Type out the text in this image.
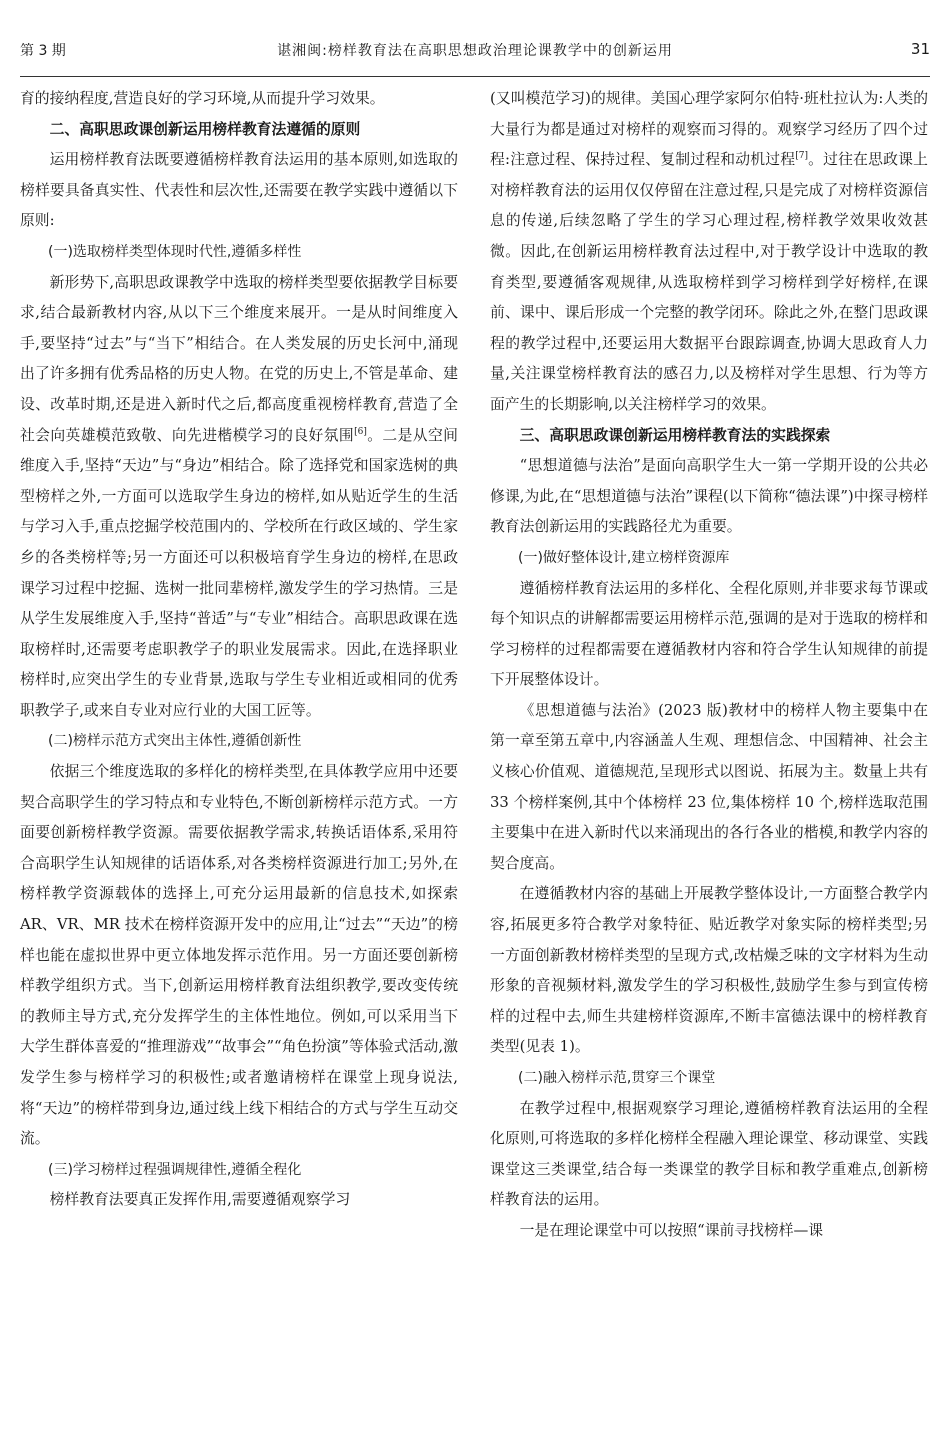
第 3 期	谌湘闽:榜样教育法在高职思想政治理论课教学中的创新运用	31

育的接纳程度,营造良好的学习环境,从而提升学习效果。

二、高职思政课创新运用榜样教育法遵循的原则

运用榜样教育法既要遵循榜样教育法运用的基本原则,如选取的榜样要具备真实性、代表性和层次性,还需要在教学实践中遵循以下原则:

(一)选取榜样类型体现时代性,遵循多样性

新形势下,高职思政课教学中选取的榜样类型要依据教学目标要求,结合最新教材内容,从以下三个维度来展开。一是从时间维度入手,要坚持“过去”与“当下”相结合。在人类发展的历史长河中,涌现出了许多拥有优秀品格的历史人物。在党的历史上,不管是革命、建设、改革时期,还是进入新时代之后,都高度重视榜样教育,营造了全社会向英雄模范致敬、向先进楷模学习的良好氛围[6]。二是从空间维度入手,坚持“天边”与“身边”相结合。除了选择党和国家选树的典型榜样之外,一方面可以选取学生身边的榜样,如从贴近学生的生活与学习入手,重点挖掘学校范围内的、学校所在行政区域的、学生家乡的各类榜样等;另一方面还可以积极培育学生身边的榜样,在思政课学习过程中挖掘、选树一批同辈榜样,激发学生的学习热情。三是从学生发展维度入手,坚持“普适”与“专业”相结合。高职思政课在选取榜样时,还需要考虑职教学子的职业发展需求。因此,在选择职业榜样时,应突出学生的专业背景,选取与学生专业相近或相同的优秀职教学子,或来自专业对应行业的大国工匠等。

(二)榜样示范方式突出主体性,遵循创新性

依据三个维度选取的多样化的榜样类型,在具体教学应用中还要契合高职学生的学习特点和专业特色,不断创新榜样示范方式。一方面要创新榜样教学资源。需要依据教学需求,转换话语体系,采用符合高职学生认知规律的话语体系,对各类榜样资源进行加工;另外,在榜样教学资源载体的选择上,可充分运用最新的信息技术,如探索 AR、VR、MR 技术在榜样资源开发中的应用,让“过去”“天边”的榜样也能在虚拟世界中更立体地发挥示范作用。另一方面还要创新榜样教学组织方式。当下,创新运用榜样教育法组织教学,要改变传统的教师主导方式,充分发挥学生的主体性地位。例如,可以采用当下大学生群体喜爱的“推理游戏”“故事会”“角色扮演”等体验式活动,激发学生参与榜样学习的积极性;或者邀请榜样在课堂上现身说法,将“天边”的榜样带到身边,通过线上线下相结合的方式与学生互动交流。

(三)学习榜样过程强调规律性,遵循全程化

榜样教育法要真正发挥作用,需要遵循观察学习

(又叫模范学习)的规律。美国心理学家阿尔伯特·班杜拉认为:人类的大量行为都是通过对榜样的观察而习得的。观察学习经历了四个过程:注意过程、保持过程、复制过程和动机过程[7]。过往在思政课上对榜样教育法的运用仅仅停留在注意过程,只是完成了对榜样资源信息的传递,后续忽略了学生的学习心理过程,榜样教学效果收效甚微。因此,在创新运用榜样教育法过程中,对于教学设计中选取的教育类型,要遵循客观规律,从选取榜样到学习榜样到学好榜样,在课前、课中、课后形成一个完整的教学闭环。除此之外,在整门思政课程的教学过程中,还要运用大数据平台跟踪调查,协调大思政育人力量,关注课堂榜样教育法的感召力,以及榜样对学生思想、行为等方面产生的长期影响,以关注榜样学习的效果。

三、高职思政课创新运用榜样教育法的实践探索

“思想道德与法治”是面向高职学生大一第一学期开设的公共必修课,为此,在“思想道德与法治”课程(以下简称“德法课”)中探寻榜样教育法创新运用的实践路径尤为重要。

(一)做好整体设计,建立榜样资源库

遵循榜样教育法运用的多样化、全程化原则,并非要求每节课或每个知识点的讲解都需要运用榜样示范,强调的是对于选取的榜样和学习榜样的过程都需要在遵循教材内容和符合学生认知规律的前提下开展整体设计。

《思想道德与法治》(2023 版)教材中的榜样人物主要集中在第一章至第五章中,内容涵盖人生观、理想信念、中国精神、社会主义核心价值观、道德规范,呈现形式以图说、拓展为主。数量上共有 33 个榜样案例,其中个体榜样 23 位,集体榜样 10 个,榜样选取范围主要集中在进入新时代以来涌现出的各行各业的楷模,和教学内容的契合度高。

在遵循教材内容的基础上开展教学整体设计,一方面整合教学内容,拓展更多符合教学对象特征、贴近教学对象实际的榜样类型;另一方面创新教材榜样类型的呈现方式,改枯燥乏味的文字材料为生动形象的音视频材料,激发学生的学习积极性,鼓励学生参与到宣传榜样的过程中去,师生共建榜样资源库,不断丰富德法课中的榜样教育类型(见表 1)。

(二)融入榜样示范,贯穿三个课堂

在教学过程中,根据观察学习理论,遵循榜样教育法运用的全程化原则,可将选取的多样化榜样全程融入理论课堂、移动课堂、实践课堂这三类课堂,结合每一类课堂的教学目标和教学重难点,创新榜样教育法的运用。

一是在理论课堂中可以按照“课前寻找榜样—课
